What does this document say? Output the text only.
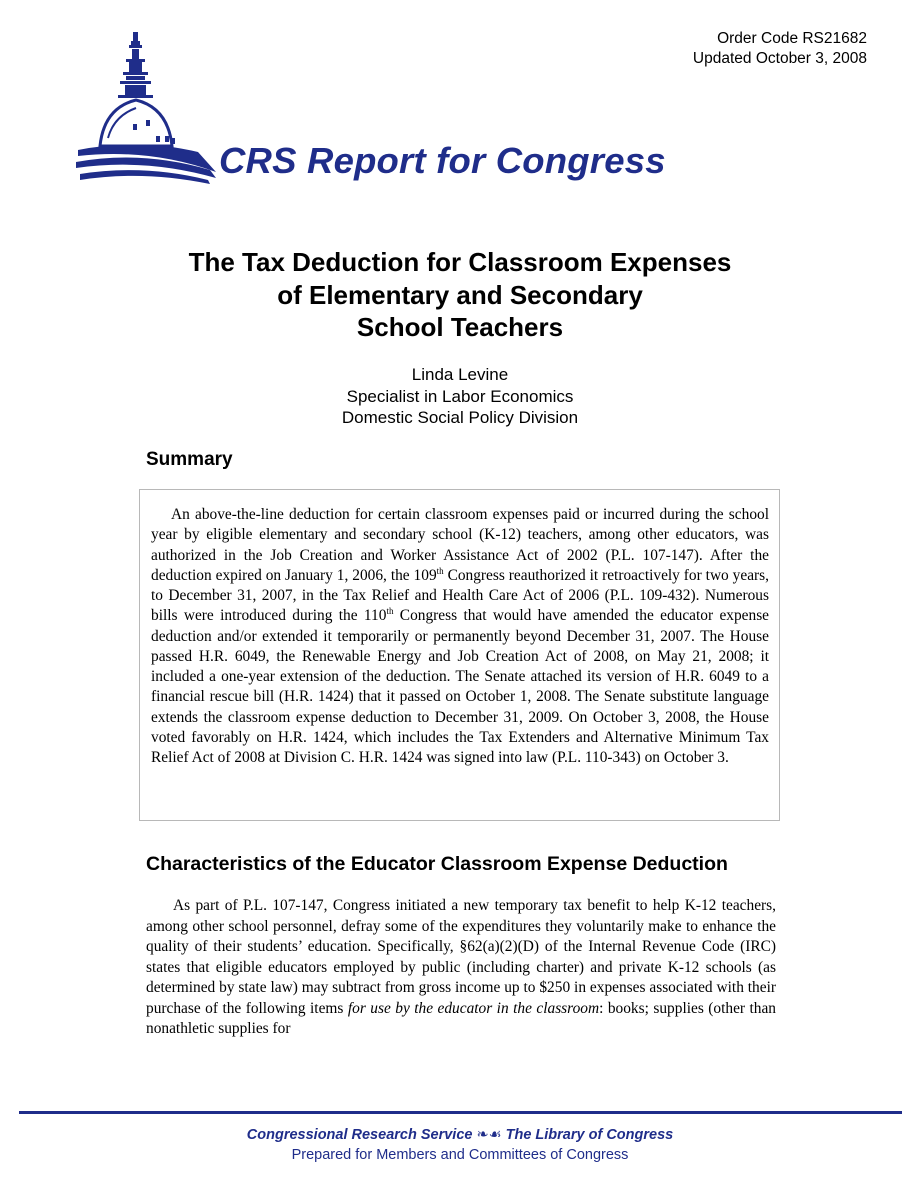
Order Code RS21682
Updated October 3, 2008
CRS Report for Congress
The Tax Deduction for Classroom Expenses
of Elementary and Secondary
School Teachers
Linda Levine
Specialist in Labor Economics
Domestic Social Policy Division
Summary

An above-the-line deduction for certain classroom expenses paid or incurred during the school year by eligible elementary and secondary school (K-12) teachers, among other educators, was authorized in the Job Creation and Worker Assistance Act of 2002 (P.L. 107-147). After the deduction expired on January 1, 2006, the 109th Congress reauthorized it retroactively for two years, to December 31, 2007, in the Tax Relief and Health Care Act of 2006 (P.L. 109-432). Numerous bills were introduced during the 110th Congress that would have amended the educator expense deduction and/or extended it temporarily or permanently beyond December 31, 2007. The House passed H.R. 6049, the Renewable Energy and Job Creation Act of 2008, on May 21, 2008; it included a one-year extension of the deduction. The Senate attached its version of H.R. 6049 to a financial rescue bill (H.R. 1424) that it passed on October 1, 2008. The Senate substitute language extends the classroom expense deduction to December 31, 2009. On October 3, 2008, the House voted favorably on H.R. 1424, which includes the Tax Extenders and Alternative Minimum Tax Relief Act of 2008 at Division C. H.R. 1424 was signed into law (P.L. 110-343) on October 3.

Characteristics of the Educator Classroom Expense Deduction

As part of P.L. 107-147, Congress initiated a new temporary tax benefit to help K-12 teachers, among other school personnel, defray some of the expenditures they voluntarily make to enhance the quality of their students’ education. Specifically, §62(a)(2)(D) of the Internal Revenue Code (IRC) states that eligible educators employed by public (including charter) and private K-12 schools (as determined by state law) may subtract from gross income up to $250 in expenses associated with their purchase of the following items for use by the educator in the classroom: books; supplies (other than nonathletic supplies for

Congressional Research Service ❧☙ The Library of Congress
Prepared for Members and Committees of Congress
